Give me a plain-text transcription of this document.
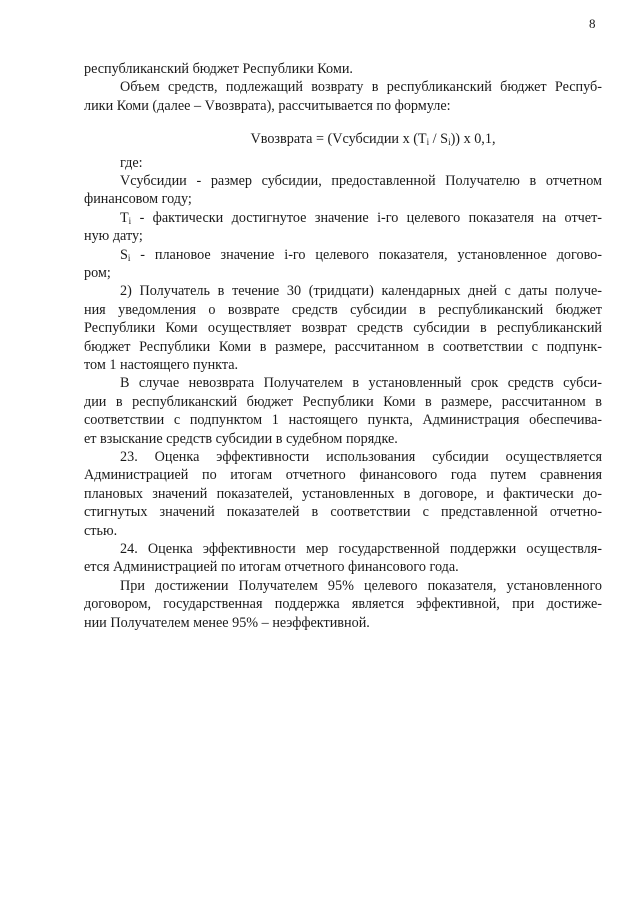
8
республиканский бюджет Республики Коми.
Объем средств, подлежащий возврату в республиканский бюджет Респуб-
лики Коми (далее – Vвозврата), рассчитывается по формуле:
Vвозврата = (Vсубсидии x $(T_i / S_i)$) x 0,1,
где:
Vсубсидии - размер субсидии, предоставленной Получателю в отчетном
финансовом году;
$T_i$ - фактически достигнутое значение i-го целевого показателя на отчет-
ную дату;
$S_i$ - плановое значение i-го целевого показателя, установленное догово-
ром;
2) Получатель в течение 30 (тридцати) календарных дней с даты получе-
ния уведомления о возврате средств субсидии в республиканский бюджет
Республики Коми осуществляет возврат средств субсидии в республиканский
бюджет Республики Коми в размере, рассчитанном в соответствии с подпунк-
том 1 настоящего пункта.
В случае невозврата Получателем в установленный срок средств субси-
дии в республиканский бюджет Республики Коми в размере, рассчитанном в
соответствии с подпунктом 1 настоящего пункта, Администрация обеспечива-
ет взыскание средств субсидии в судебном порядке.
23. Оценка эффективности использования субсидии осуществляется
Администрацией по итогам отчетного финансового года путем сравнения
плановых значений показателей, установленных в договоре, и фактически до-
стигнутых значений показателей в соответствии с представленной отчетно-
стью.
24. Оценка эффективности мер государственной поддержки осуществля-
ется Администрацией по итогам отчетного финансового года.
При достижении Получателем 95% целевого показателя, установленного
договором, государственная поддержка является эффективной, при достиже-
нии Получателем менее 95% – неэффективной.
